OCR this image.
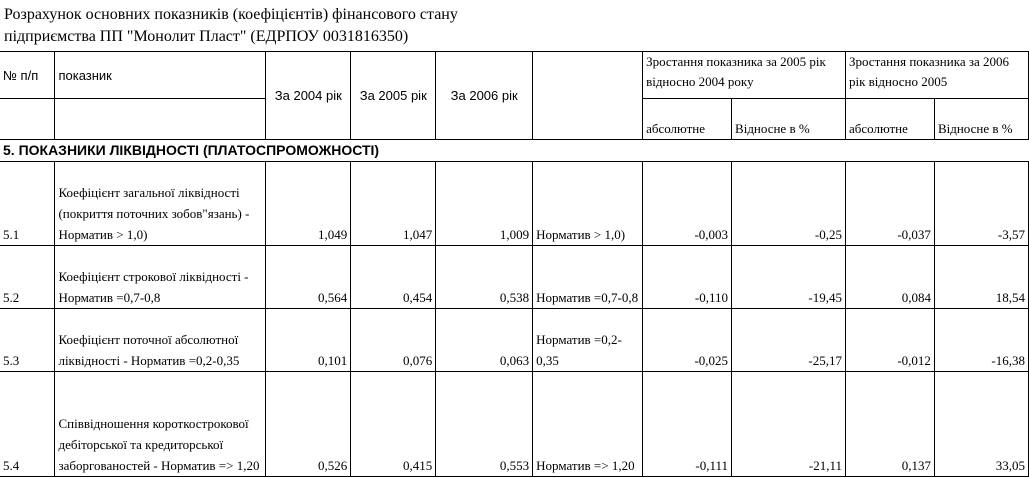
Розрахунок основних показників (коефіцієнтів) фінансового стану
підприємства ПП "Монолит Пласт" (ЕДРПОУ 0031816350)
№ п/п	показник	За 2004 рік	За 2005 рік	За 2006 рік		Зростання показника за 2005 рік відносно 2004 року		Зростання показника за 2006 рік відносно 2005	
						абсолютне	Відносне в %	абсолютне	Відносне в %
5. ПОКАЗНИКИ ЛІКВІДНОСТІ (ПЛАТОСПРОМОЖНОСТІ)									
5.1	Коефіцієнт загальної ліквідності (покриття поточних зобов"язань) - Норматив > 1,0)	1,049	1,047	1,009	Норматив > 1,0)	-0,003	-0,25	-0,037	-3,57
5.2	Коефіцієнт строкової ліквідності - Норматив =0,7-0,8	0,564	0,454	0,538	Норматив =0,7-0,8	-0,110	-19,45	0,084	18,54
5.3	Коефіцієнт поточної абсолютної ліквідності - Норматив =0,2-0,35	0,101	0,076	0,063	Норматив =0,2-0,35	-0,025	-25,17	-0,012	-16,38
5.4	Співвідношення короткострокової дебіторської та кредиторської заборгованостей - Норматив => 1,20	0,526	0,415	0,553	Норматив => 1,20	-0,111	-21,11	0,137	33,05
